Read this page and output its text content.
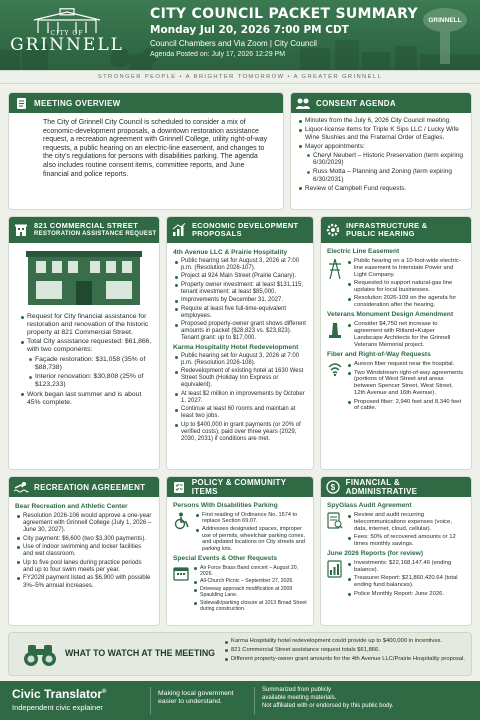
CITY OF
GRINNELL
CITY COUNCIL PACKET SUMMARY
Monday Jul 20, 2026 7:00 PM CDT
Council Chambers and Via Zoom | City Council
Agenda Posted on: July 17, 2026 12:29 PM
GRINNELL
STRONGER PEOPLE • A BRIGHTER TOMORROW • A GREATER GRINNELL
MEETING OVERVIEW
The City of Grinnell City Council is scheduled to consider a mix of economic-development proposals, a downtown restoration assistance request, a recreation agreement with Grinnell College, utility right-of-way requests, a public hearing on an electric-line easement, and changes to the city's regulations for persons with disabilities parking. The agenda also includes routine consent items, committee reports, and June financial and police reports.
CONSENT AGENDA
Minutes from the July 6, 2026 City Council meeting.
Liquor-license items for Triple K Sips LLC / Lucky Wife Wine Slushies and the Fraternal Order of Eagles.
Mayor appointments:
Cheryl Neubert – Historic Preservation (term expiring 6/30/2029)
Russ Motta – Planning and Zoning (term expiring 6/30/2031)
Review of Campbell Fund requests.
821 COMMERCIAL STREET
RESTORATION ASSISTANCE REQUEST
Request for City financial assistance for restoration and renovation of the historic property at 821 Commercial Street.
Total City assistance requested: $61,866, with two components:
Façade restoration: $31,058 (35% of $88,738)
Interior renovation: $30,808 (25% of $123,233)
Work began last summer and is about 45% complete.
ECONOMIC DEVELOPMENT PROPOSALS
4th Avenue LLC & Prairie Hospitality
Public hearing set for August 3, 2026 at 7:00 p.m. (Resolution 2026-107).
Project at 924 Main Street (Prairie Canary).
Property owner investment: at least $131,115; tenant investment: at least $85,000.
Improvements by December 31, 2027.
Require at least five full-time-equivalent employees.
Proposed property-owner grant shows different amounts in packet ($28,823 vs. $23,823). Tenant grant: up to $17,000.
Karma Hospitality Hotel Redevelopment
Public hearing set for August 3, 2026 at 7:00 p.m. (Resolution 2026-108).
Redevelopment of existing hotel at 1630 West Street South (Holiday Inn Express or equivalent).
At least $2 million in improvements by October 1, 2027.
Continue at least 60 rooms and maintain at least two jobs.
Up to $400,000 in grant payments (or 20% of verified costs), paid over three years (2029, 2030, 2031) if conditions are met.
INFRASTRUCTURE &
PUBLIC HEARING
Electric Line Easement
Public hearing on a 10-foot-wide electric-line easement to Interstate Power and Light Company.
Requested to support natural-gas line updates for local businesses.
Resolution 2026-109 on the agenda for consideration after the hearing.
Veterans Monument Design Amendment
Consider $4,750 net increase to agreement with Ritland+Kuiper Landscape Architects for the Grinnell Veterans Memorial project.
Fiber and Right-of-Way Requests
Aureon fiber request near the hospital.
Two Windstream right-of-way agreements (portions of West Street and areas between Spencer Street, West Street, 12th Avenue and 16th Avenue).
Proposed fiber: 2,940 feet and 8,340 feet of cable.
RECREATION AGREEMENT
Bear Recreation and Athletic Center
Resolution 2026-106 would approve a one-year agreement with Grinnell College (July 1, 2026 – June 30, 2027).
City payment: $6,600 (two $3,300 payments).
Use of indoor swimming and locker facilities and wet classroom.
Up to five pool lanes during practice periods and up to four swim meets per year.
FY2028 payment listed as $6,900 with possible 3%–5% annual increases.
POLICY & COMMUNITY ITEMS
Persons With Disabilities Parking
First reading of Ordinance No. 1574 to replace Section 69.07.
Addresses designated spaces, improper use of permits, wheelchair parking cones, and updated locations on City streets and parking lots.
Special Events & Other Requests
Air Force Brass Band concert – August 20, 2026.
All-Church Picnic – September 27, 2026.
Driveway approach modification at 2009 Spaulding Lane.
Sidewalk/parking closure at 1013 Broad Street during construction.
$
FINANCIAL & ADMINISTRATIVE
SpyGlass Audit Agreement
Review and audit recurring telecommunications expenses (voice, data, internet, cloud, cellular).
Fees: 50% of recovered amounts or 12 times monthly savings.
June 2026 Reports (for review)
Investments: $22,168,147.46 (ending balance).
Treasurer Report: $21,860,420.64 (total ending fund balances).
Police Monthly Report: June 2026.
WHAT TO WATCH AT THE MEETING
Karma Hospitality hotel redevelopment could provide up to $400,000 in incentives.
821 Commercial Street assistance request totals $61,866.
Different property-owner grant amounts for the 4th Avenue LLC/Prairie Hospitality proposal.
Civic Translator®
Independent civic explainer
Making local government
easier to understand.
Summarized from publicly
available meeting materials.
Not affiliated with or endorsed by this public body.
